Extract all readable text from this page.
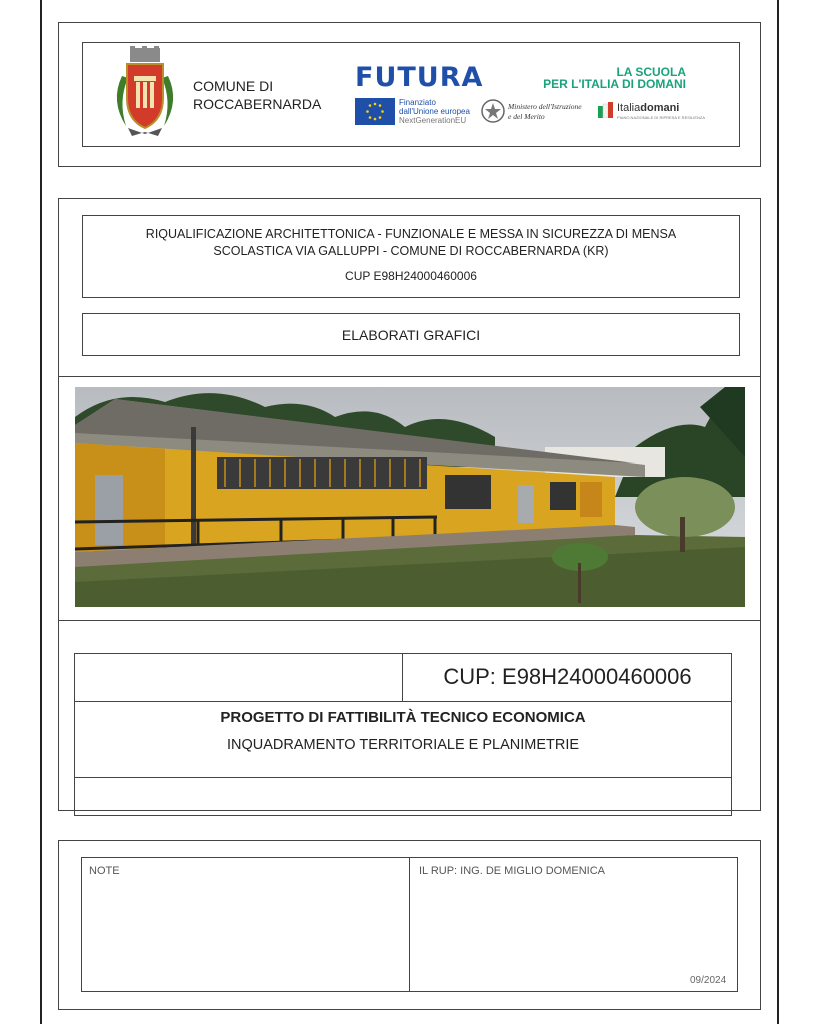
COMUNE DI
ROCCABERNARDA
FUTURA	LA SCUOLA
PER L'ITALIA DI DOMANI
Finanziato
dall'Unione europea
NextGenerationEU
Ministero dell'Istruzione
e del Merito
Italiadomani
PIANO NAZIONALE DI RIPRESA E RESILIENZA
RIQUALIFICAZIONE ARCHITETTONICA - FUNZIONALE E MESSA IN SICUREZZA DI MENSA
SCOLASTICA VIA GALLUPPI - COMUNE DI ROCCABERNARDA (KR)
CUP E98H24000460006
ELABORATI GRAFICI
CUP: E98H24000460006
PROGETTO DI FATTIBILITÀ TECNICO ECONOMICA
INQUADRAMENTO TERRITORIALE E PLANIMETRIE
NOTE	IL RUP: ING. DE MIGLIO DOMENICA
09/2024
